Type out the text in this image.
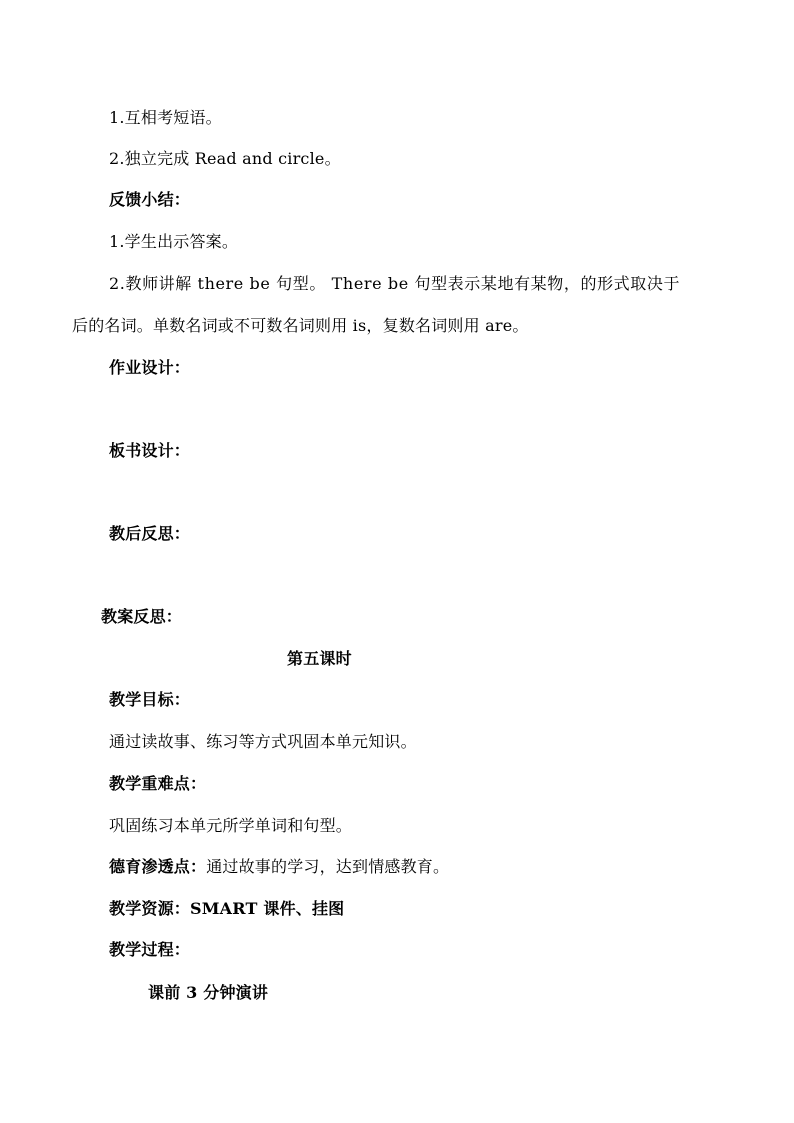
1.互相考短语。
2.独立完成 Read and circle。
反馈小结：
1.学生出示答案。
2.教师讲解 there be 句型。 There be 句型表示某地有某物，的形式取决于
后的名词。单数名词或不可数名词则用 is，复数名词则用 are。
作业设计：
板书设计：
教后反思：
教案反思：
第五课时
教学目标：
通过读故事、练习等方式巩固本单元知识。
教学重难点：
巩固练习本单元所学单词和句型。
德育渗透点：通过故事的学习，达到情感教育。
教学资源：SMART 课件、挂图
教学过程：
课前 3 分钟演讲
